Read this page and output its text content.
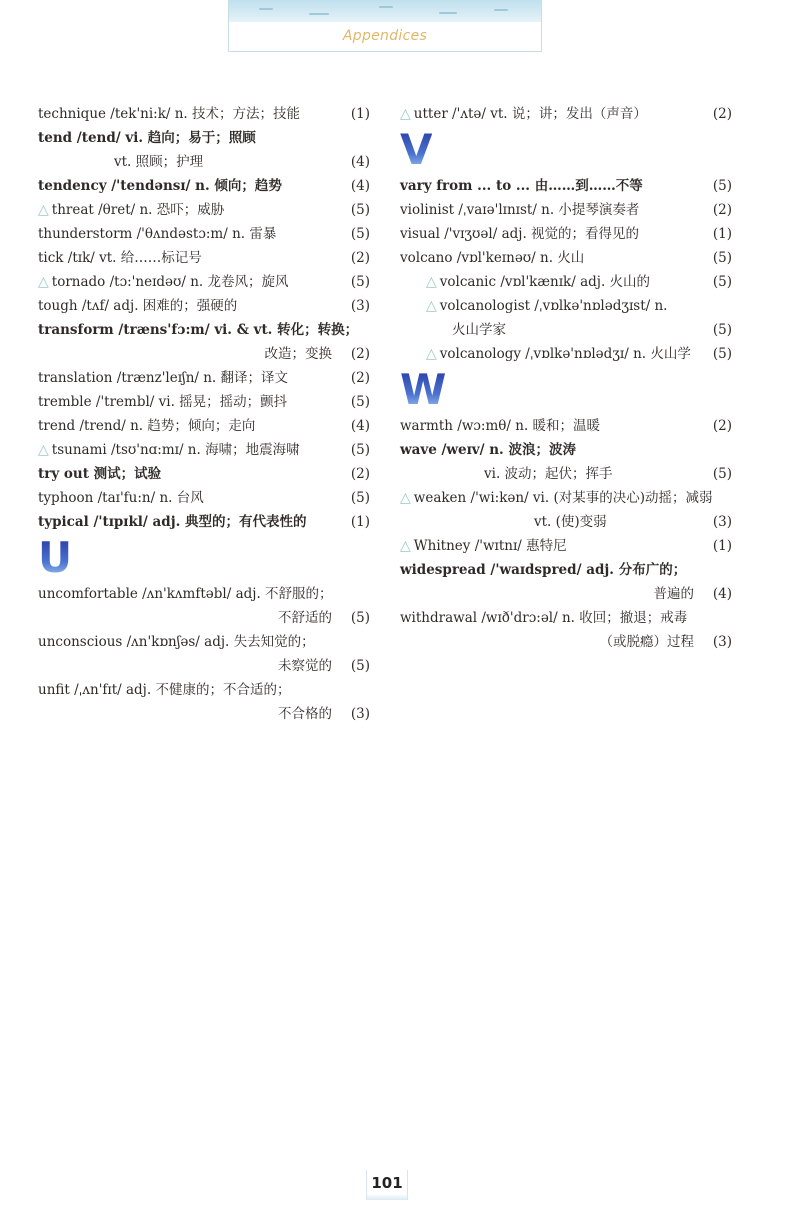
Appendices
technique /tek'ni:k/ n. 技术；方法；技能	(1)
tend /tend/ vi. 趋向；易于；照顾
vt. 照顾；护理	(4)
tendency /'tendənsɪ/ n. 倾向；趋势	(4)
△ threat /θret/ n. 恐吓；威胁	(5)
thunderstorm /'θʌndəstɔ:m/ n. 雷暴	(5)
tick /tɪk/ vt. 给……标记号	(2)
△ tornado /tɔ:'neɪdəʊ/ n. 龙卷风；旋风	(5)
tough /tʌf/ adj. 困难的；强硬的	(3)
transform /træns'fɔ:m/ vi. & vt. 转化；转换；
改造；变换 (2)
translation /trænz'leɪʃn/ n. 翻译；译文	(2)
tremble /'trembl/ vi. 摇晃；摇动；颤抖	(5)
trend /trend/ n. 趋势；倾向；走向	(4)
△ tsunami /tsʊ'nɑ:mɪ/ n. 海啸；地震海啸	(5)
try out 测试；试验	(2)
typhoon /taɪ'fu:n/ n. 台风	(5)
typical /'tɪpɪkl/ adj. 典型的；有代表性的	(1)
U
uncomfortable /ʌn'kʌmftəbl/ adj. 不舒服的；
不舒适的 (5)
unconscious /ʌn'kɒnʃəs/ adj. 失去知觉的；
未察觉的 (5)
unfit /ˌʌn'fɪt/ adj. 不健康的；不合适的；
不合格的 (3)
△ utter /'ʌtə/ vt. 说；讲；发出（声音）	(2)
V
vary from ... to ... 由……到……不等	(5)
violinist /ˌvaɪə'lɪnɪst/ n. 小提琴演奏者	(2)
visual /'vɪʒʊəl/ adj. 视觉的；看得见的	(1)
volcano /vɒl'keɪnəʊ/ n. 火山	(5)
△ volcanic /vɒl'kænɪk/ adj. 火山的	(5)
△ volcanologist /ˌvɒlkə'nɒlədʒɪst/ n.
火山学家	(5)
△ volcanology /ˌvɒlkə'nɒlədʒɪ/ n. 火山学 (5)
W
warmth /wɔ:mθ/ n. 暖和；温暖	(2)
wave /weɪv/ n. 波浪；波涛
vi. 波动；起伏；挥手	(5)
△ weaken /'wi:kən/ vi. (对某事的决心)动摇；减弱
vt. (使)变弱	(3)
△ Whitney /'wɪtnɪ/ 惠特尼	(1)
widespread /'waɪdspred/ adj. 分布广的；
普遍的 (4)
withdrawal /wɪð'drɔ:əl/ n. 收回；撤退；戒毒
（或脱瘾）过程 (3)
101
